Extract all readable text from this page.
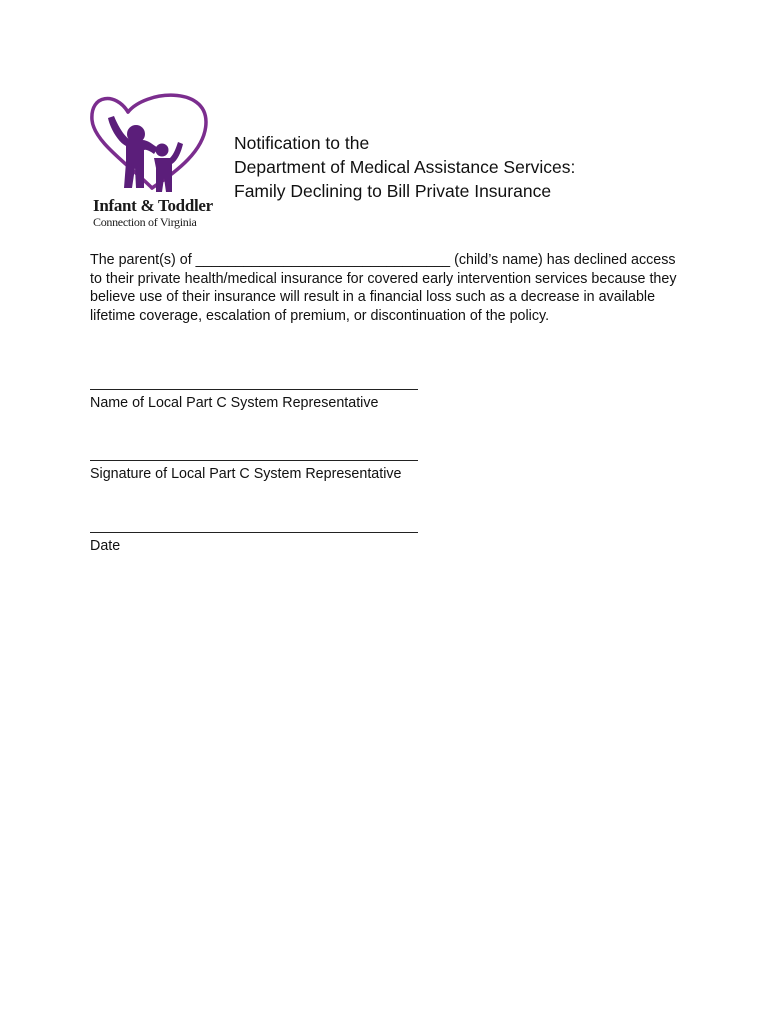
Infant & Toddler
Connection of Virginia
Notification to the
Department of Medical Assistance Services:
Family Declining to Bill Private Insurance
The parent(s) of ________________________________ (child’s name) has declined access to their private health/medical insurance for covered early intervention services because they believe use of their insurance will result in a financial loss such as a decrease in available lifetime coverage, escalation of premium, or discontinuation of the policy.
Name of Local Part C System Representative
Signature of Local Part C System Representative
Date
